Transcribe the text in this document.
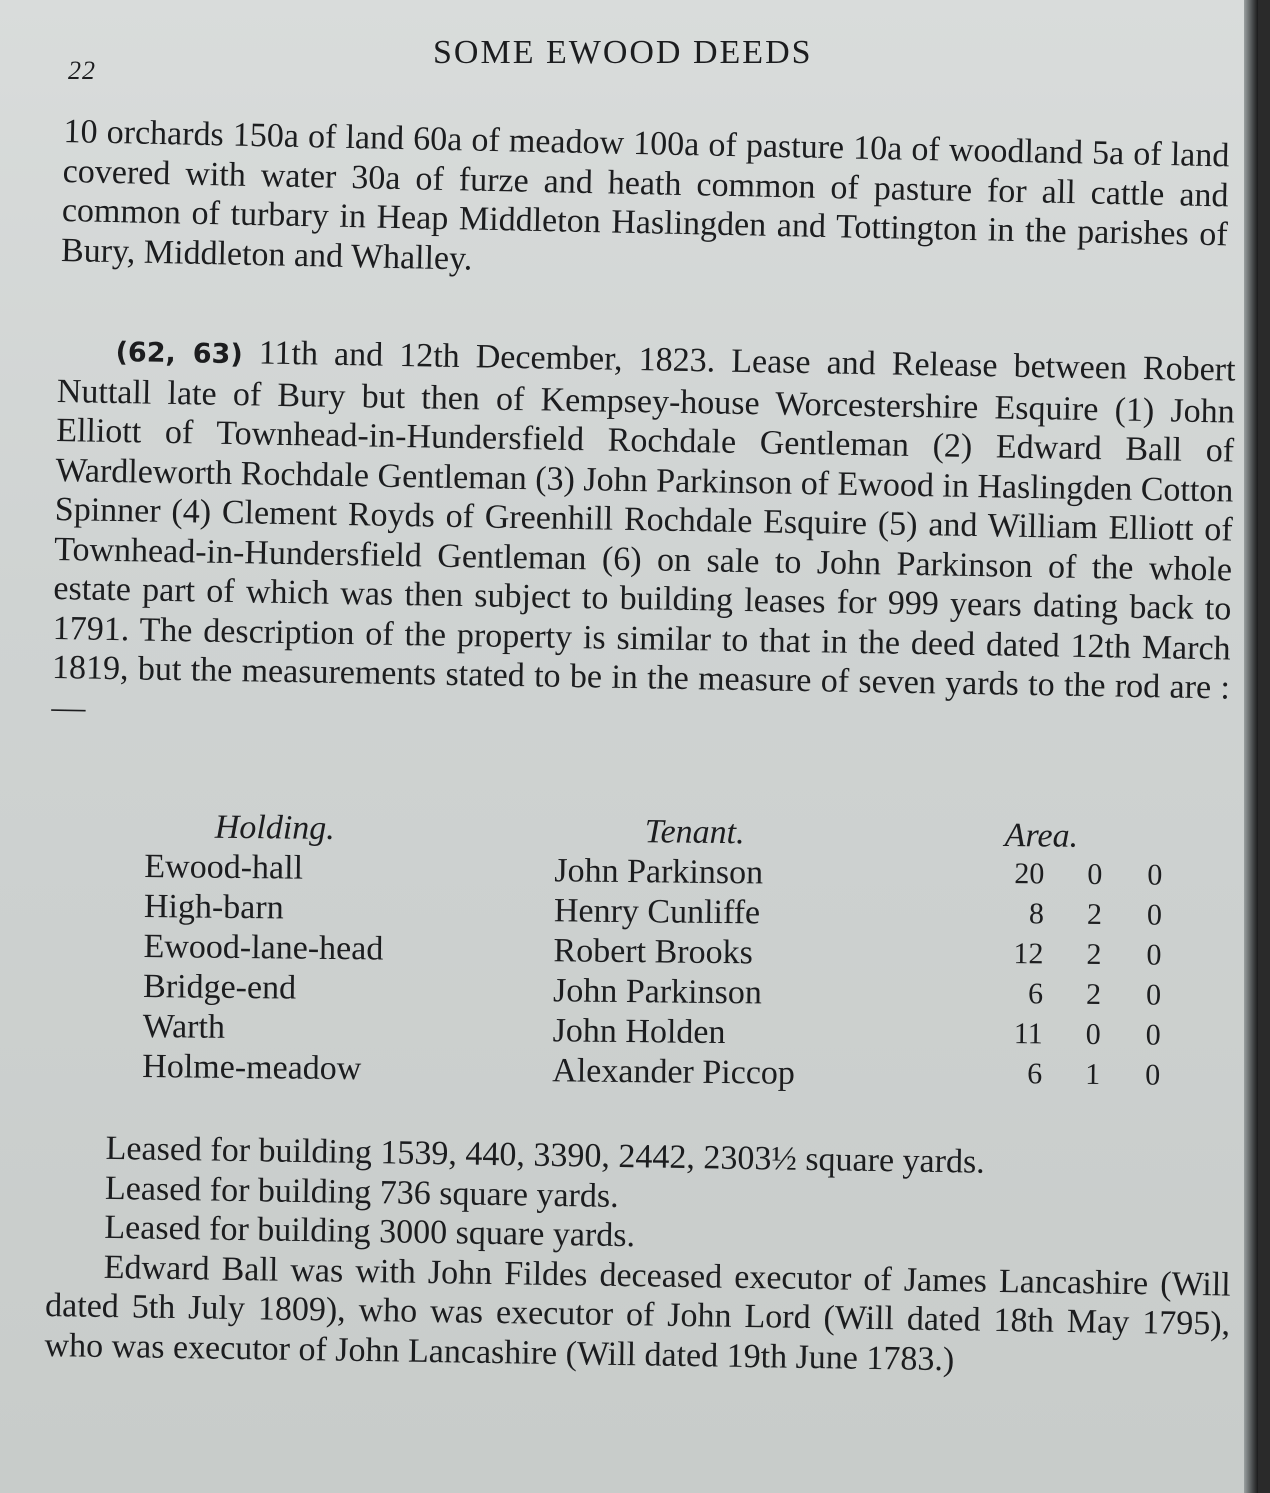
22	SOME EWOOD DEEDS

10 orchards 150a of land 60a of meadow 100a of pasture 10a of woodland 5a of land covered with water 30a of furze and heath common of pasture for all cattle and common of turbary in Heap Middleton Haslingden and Tottington in the parishes of Bury, Middleton and Whalley.

(62, 63) 11th and 12th December, 1823. Lease and Release between Robert Nuttall late of Bury but then of Kempsey-house Worcestershire Esquire (1) John Elliott of Townhead-in-Hundersfield Rochdale Gentleman (2) Edward Ball of Wardleworth Rochdale Gentleman (3) John Parkinson of Ewood in Haslingden Cotton Spinner (4) Clement Royds of Greenhill Rochdale Esquire (5) and William Elliott of Townhead-in-Hundersfield Gentleman (6) on sale to John Parkinson of the whole estate part of which was then subject to building leases for 999 years dating back to 1791. The description of the property is similar to that in the deed dated 12th March 1819, but the measurements stated to be in the measure of seven yards to the rod are :—

Holding.	Tenant.	Area.
Ewood-hall	John Parkinson	20	0	0
High-barn	Henry Cunliffe	8	2	0
Ewood-lane-head	Robert Brooks	12	2	0
Bridge-end	John Parkinson	6	2	0
Warth	John Holden	11	0	0
Holme-meadow	Alexander Piccop	6	1	0
Leased for building 1539, 440, 3390, 2442, 2303½ square yards.
Leased for building 736 square yards.
Leased for building 3000 square yards.

Edward Ball was with John Fildes deceased executor of James Lancashire (Will dated 5th July 1809), who was executor of John Lord (Will dated 18th May 1795), who was executor of John Lancashire (Will dated 19th June 1783.)
